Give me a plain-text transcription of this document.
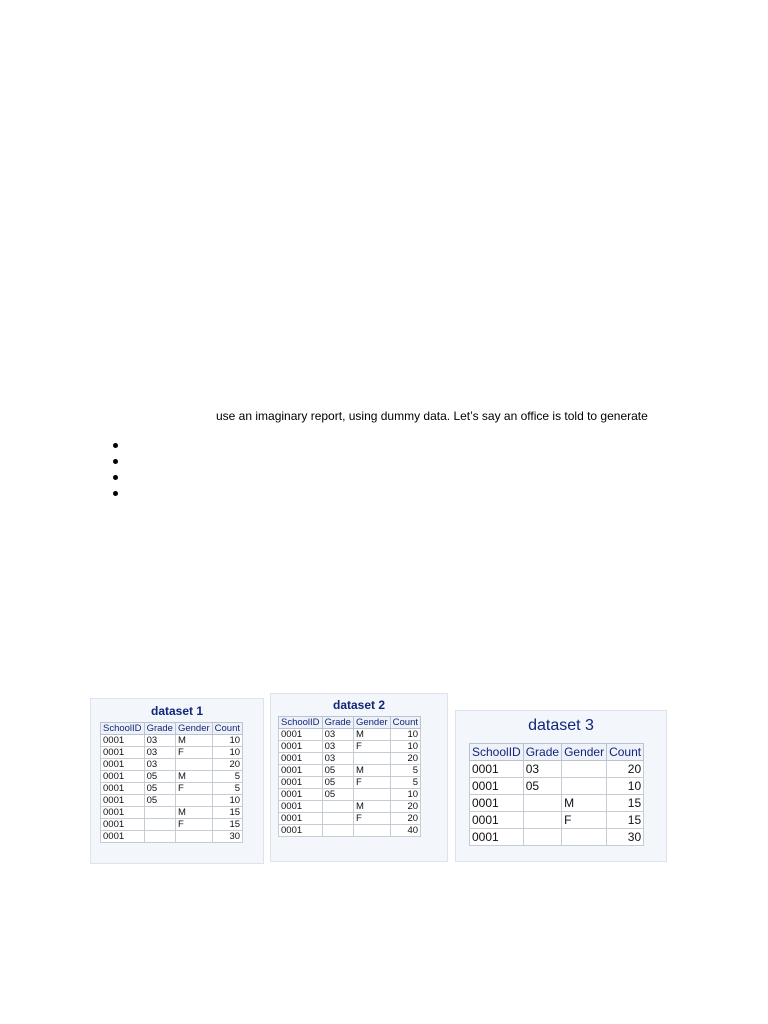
use an imaginary report, using dummy data. Let’s say an office is told to generate
dataset 1
SchoolID	Grade	Gender	Count
0001	03	M	10
0001	03	F	10
0001	03		20
0001	05	M	5
0001	05	F	5
0001	05		10
0001		M	15
0001		F	15
0001			30
dataset 2
SchoolID	Grade	Gender	Count
0001	03	M	10
0001	03	F	10
0001	03		20
0001	05	M	5
0001	05	F	5
0001	05		10
0001		M	20
0001		F	20
0001			40
dataset 3
SchoolID	Grade	Gender	Count
0001	03		20
0001	05		10
0001		M	15
0001		F	15
0001			30
